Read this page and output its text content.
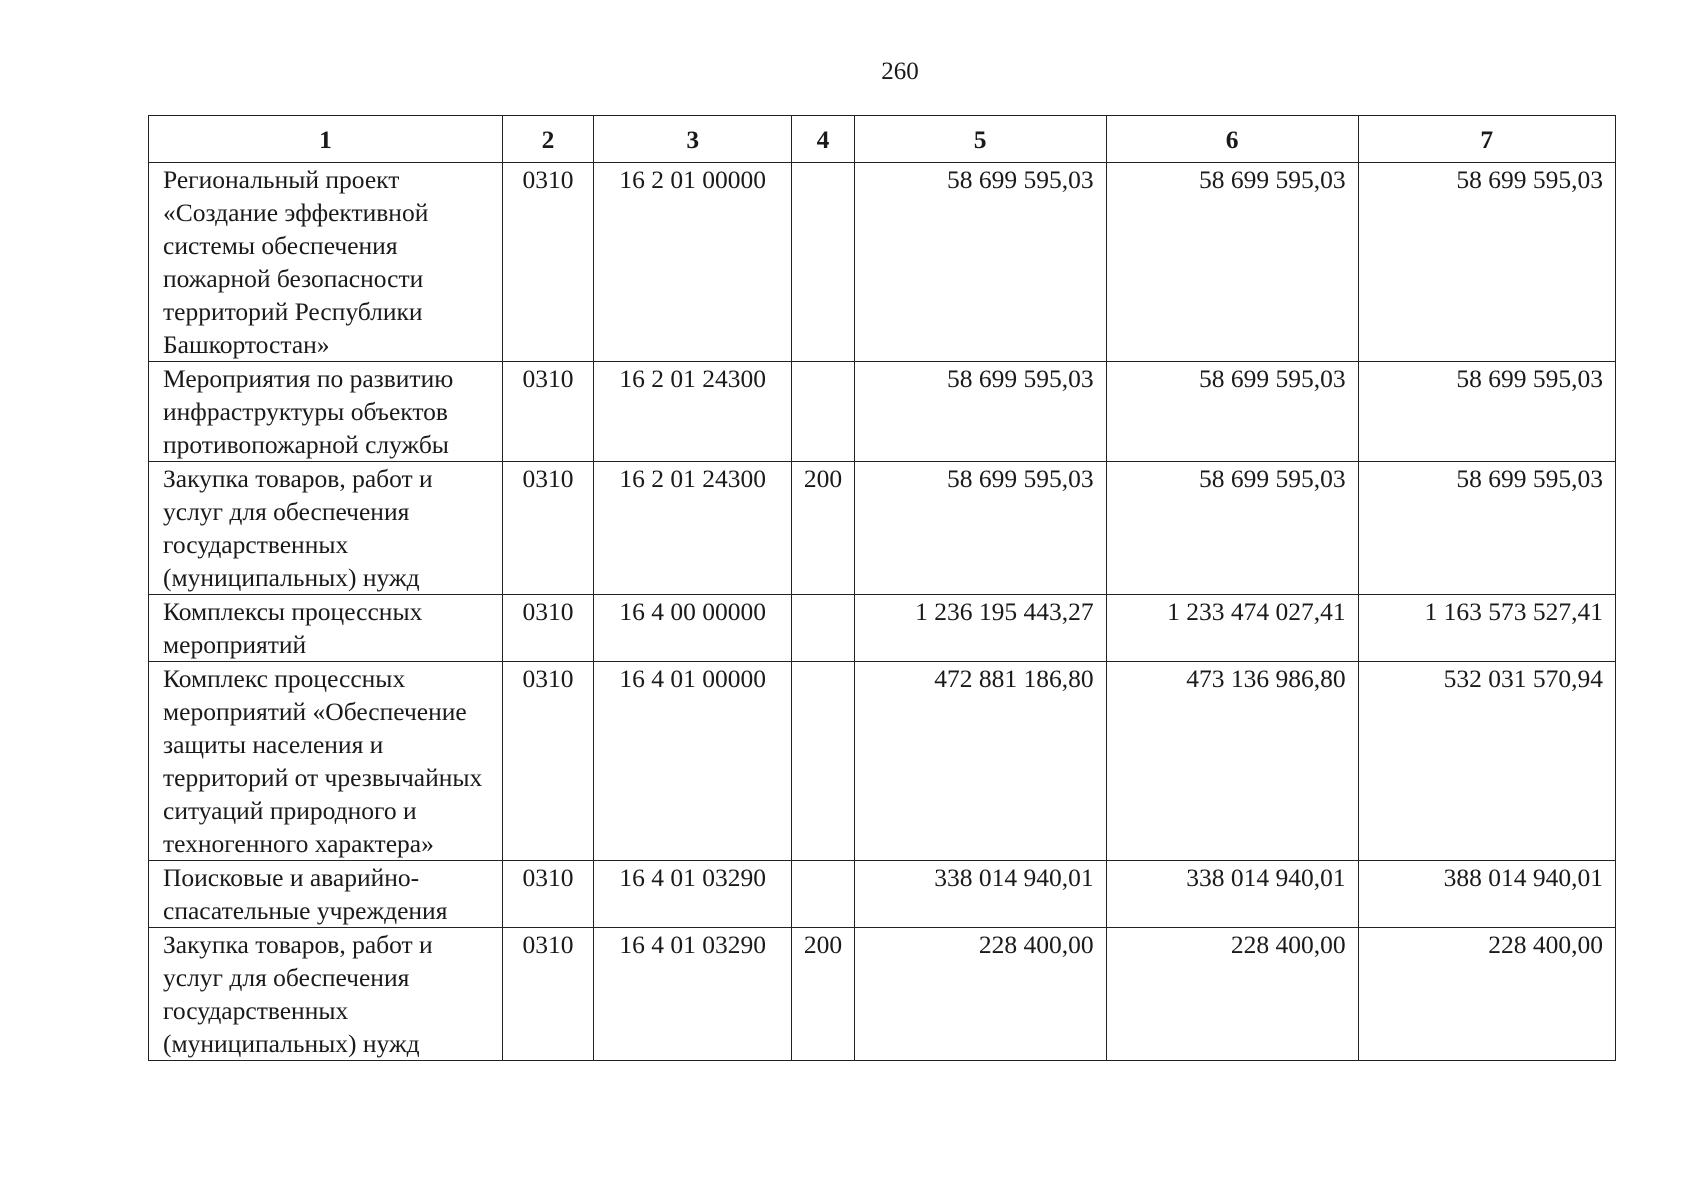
260
1	2	3	4	5	6	7
Региональный проект «Создание эффективной системы обеспечения пожарной безопасности территорий Республики Башкортостан»	0310	16 2 01 00000		58 699 595,03	58 699 595,03	58 699 595,03
Мероприятия по развитию инфраструктуры объектов противопожарной службы	0310	16 2 01 24300		58 699 595,03	58 699 595,03	58 699 595,03
Закупка товаров, работ и услуг для обеспечения государственных (муниципальных) нужд	0310	16 2 01 24300	200	58 699 595,03	58 699 595,03	58 699 595,03
Комплексы процессных мероприятий	0310	16 4 00 00000		1 236 195 443,27	1 233 474 027,41	1 163 573 527,41
Комплекс процессных мероприятий «Обеспечение защиты населения и территорий от чрезвычайных ситуаций природного и техногенного характера»	0310	16 4 01 00000		472 881 186,80	473 136 986,80	532 031 570,94
Поисковые и аварийно-спасательные учреждения	0310	16 4 01 03290		338 014 940,01	338 014 940,01	388 014 940,01
Закупка товаров, работ и услуг для обеспечения государственных (муниципальных) нужд	0310	16 4 01 03290	200	228 400,00	228 400,00	228 400,00
